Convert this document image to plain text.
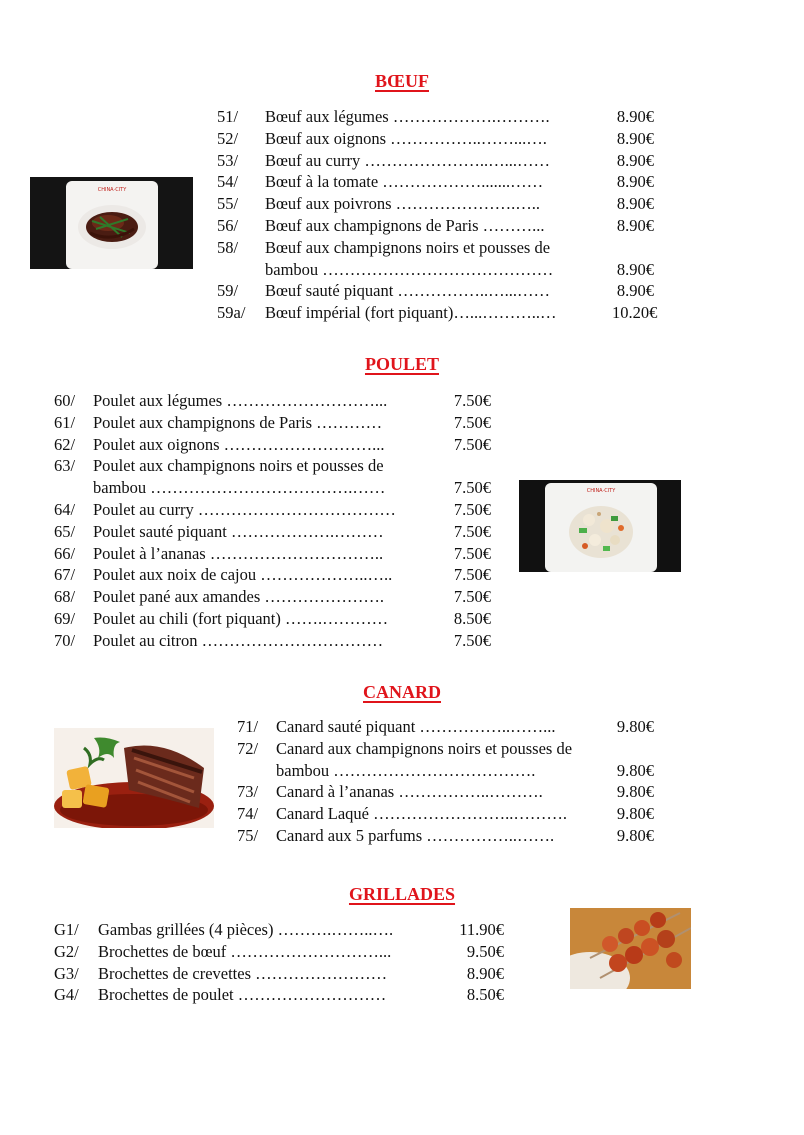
BŒUF
CHINA·CITY
51/ Bœuf aux légumes ……………….……….	8.90€
52/ Bœuf aux oignons ……………..……...….	8.90€
53/ Bœuf au curry …………………..…...……	8.90€
54/ Bœuf à la tomate ……………….......……	8.90€
55/ Bœuf aux poivrons ………………….…..	8.90€
56/ Bœuf aux champignons de Paris ………...	8.90€
58/ Bœuf aux champignons noirs et pousses de bambou ……………………………………	8.90€
59/ Bœuf sauté piquant ……………..…...……	8.90€
59a/ Bœuf impérial (fort piquant)…...………..…	10.20€
POULET
60/ Poulet aux légumes ………………………...	7.50€
61/ Poulet aux champignons de Paris …………	7.50€
62/ Poulet aux oignons ………………………...	7.50€
63/ Poulet aux champignons noirs et pousses de bambou ……………………………….……	7.50€
64/ Poulet au curry ………………………………	7.50€
65/ Poulet sauté piquant ……………….………	7.50€
66/ Poulet à l’ananas …………………………..	7.50€
67/ Poulet aux noix de cajou ………………..…..	7.50€
68/ Poulet pané aux amandes ………………….	7.50€
69/ Poulet au chili (fort piquant) …….…………	8.50€
70/ Poulet au citron ……………………………	7.50€
CHINA·CITY
CANARD
71/ Canard sauté piquant ……………..……...	9.80€
72/ Canard aux champignons noirs et pousses de bambou ……………………………….	9.80€
73/ Canard à l’ananas ……………..……….	9.80€
74/ Canard Laqué ……………………..……….	9.80€
75/ Canard aux 5 parfums ……………..…….	9.80€
GRILLADES
G1/ Gambas grillées (4 pièces) ……….……..….	11.90€
G2/ Brochettes de bœuf ………………………...	9.50€
G3/ Brochettes de crevettes ……………………	8.90€
G4/ Brochettes de poulet ………………………	8.50€
